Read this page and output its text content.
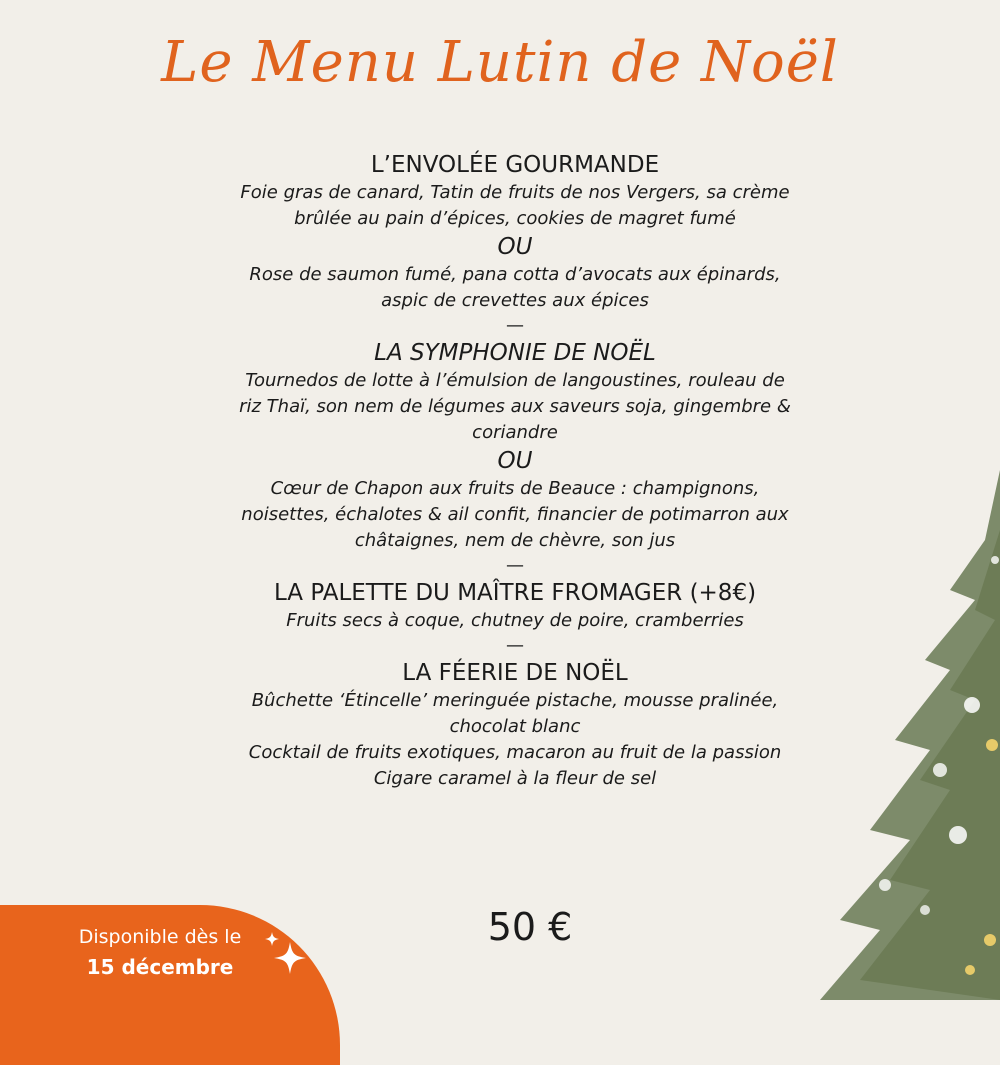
Le Menu Lutin de Noël

L’ENVOLÉE GOURMANDE

Foie gras de canard, Tatin de fruits de nos Vergers, sa crème

brûlée au pain d’épices, cookies de magret fumé

OU

Rose de saumon fumé, pana cotta d’avocats aux épinards,

aspic de crevettes aux épices

—

LA SYMPHONIE DE NOËL

Tournedos de lotte à l’émulsion de langoustines, rouleau de

riz Thaï, son nem de légumes aux saveurs soja, gingembre &

coriandre

OU

Cœur de Chapon aux fruits de Beauce : champignons,

noisettes, échalotes & ail confit, financier de potimarron aux

châtaignes, nem de chèvre, son jus

—

LA PALETTE DU MAÎTRE FROMAGER (+8€)

Fruits secs à coque, chutney de poire, cramberries

—

LA FÉERIE DE NOËL

Bûchette ‘Étincelle’ meringuée pistache, mousse pralinée,

chocolat blanc

Cocktail de fruits exotiques, macaron au fruit de la passion

Cigare caramel à la fleur de sel

50 €
Disponible dès le
15 décembre
